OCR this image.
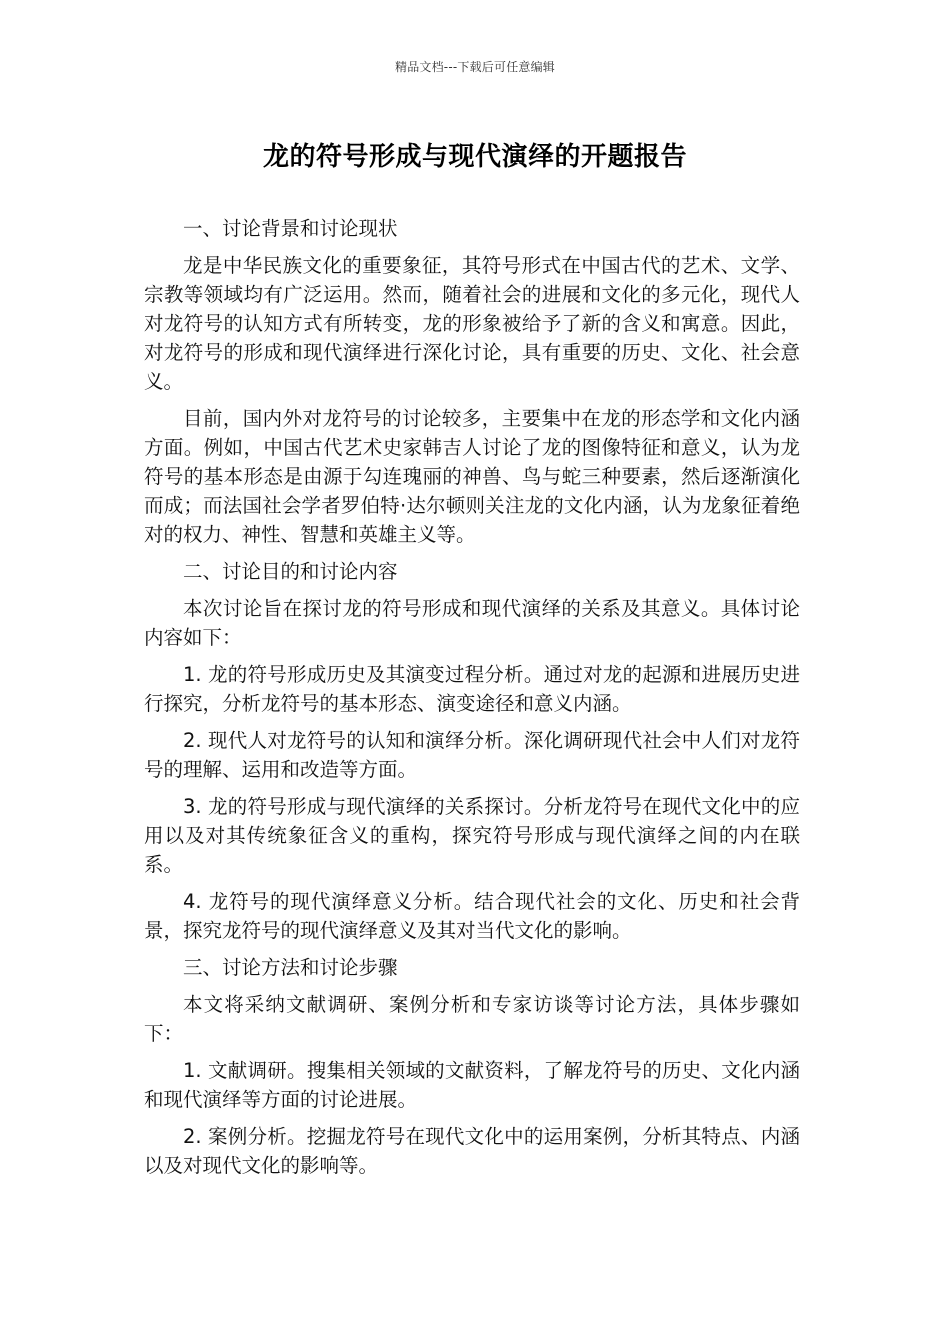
精品文档---下载后可任意编辑
龙的符号形成与现代演绎的开题报告
一、讨论背景和讨论现状
龙是中华民族文化的重要象征，其符号形式在中国古代的艺术、文学、宗教等领域均有广泛运用。然而，随着社会的进展和文化的多元化，现代人对龙符号的认知方式有所转变，龙的形象被给予了新的含义和寓意。因此，对龙符号的形成和现代演绎进行深化讨论，具有重要的历史、文化、社会意义。
目前，国内外对龙符号的讨论较多，主要集中在龙的形态学和文化内涵方面。例如，中国古代艺术史家韩吉人讨论了龙的图像特征和意义，认为龙符号的基本形态是由源于勾连瑰丽的神兽、鸟与蛇三种要素，然后逐渐演化而成；而法国社会学者罗伯特·达尔顿则关注龙的文化内涵，认为龙象征着绝对的权力、神性、智慧和英雄主义等。
二、讨论目的和讨论内容
本次讨论旨在探讨龙的符号形成和现代演绎的关系及其意义。具体讨论内容如下：
1. 龙的符号形成历史及其演变过程分析。通过对龙的起源和进展历史进行探究，分析龙符号的基本形态、演变途径和意义内涵。
2. 现代人对龙符号的认知和演绎分析。深化调研现代社会中人们对龙符号的理解、运用和改造等方面。
3. 龙的符号形成与现代演绎的关系探讨。分析龙符号在现代文化中的应用以及对其传统象征含义的重构，探究符号形成与现代演绎之间的内在联系。
4. 龙符号的现代演绎意义分析。结合现代社会的文化、历史和社会背景，探究龙符号的现代演绎意义及其对当代文化的影响。
三、讨论方法和讨论步骤
本文将采纳文献调研、案例分析和专家访谈等讨论方法，具体步骤如下：
1. 文献调研。搜集相关领域的文献资料，了解龙符号的历史、文化内涵和现代演绎等方面的讨论进展。
2. 案例分析。挖掘龙符号在现代文化中的运用案例，分析其特点、内涵以及对现代文化的影响等。
